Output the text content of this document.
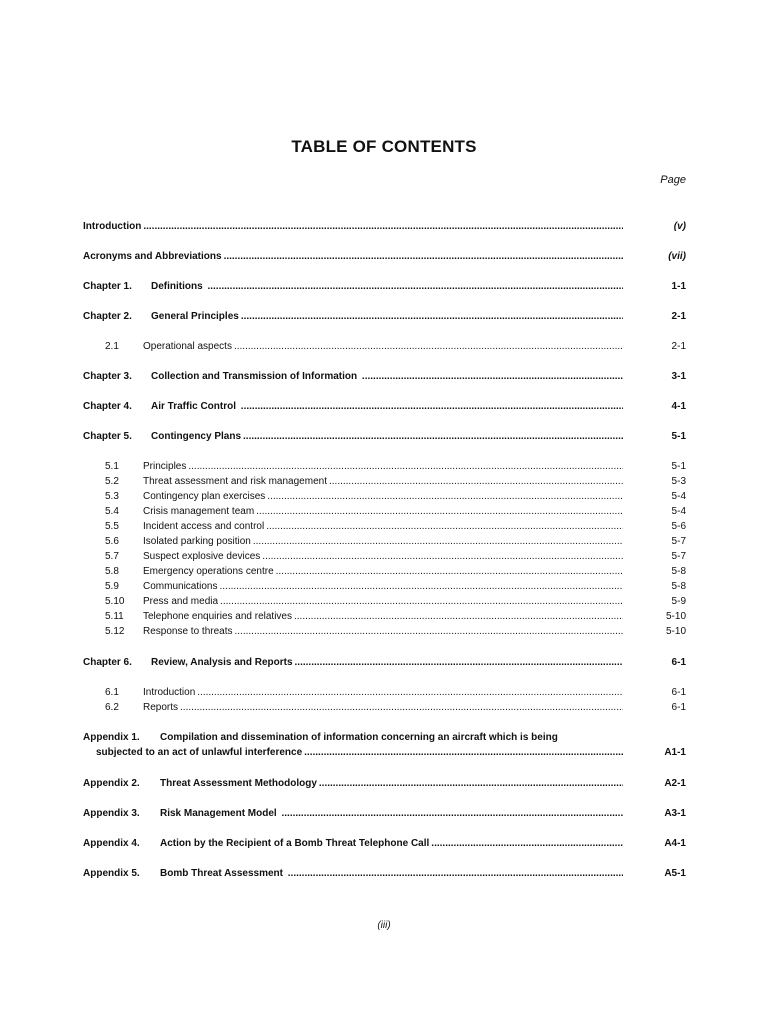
TABLE OF CONTENTS
Page
Introduction .....	(v)
Acronyms and Abbreviations .....	(vii)
Chapter 1. Definitions .....	1-1
Chapter 2. General Principles .....	2-1
2.1 Operational aspects .....	2-1
Chapter 3. Collection and Transmission of Information .....	3-1
Chapter 4. Air Traffic Control .....	4-1
Chapter 5. Contingency Plans .....	5-1
5.1 Principles .....	5-1
5.2 Threat assessment and risk management .....	5-3
5.3 Contingency plan exercises .....	5-4
5.4 Crisis management team .....	5-4
5.5 Incident access and control .....	5-6
5.6 Isolated parking position .....	5-7
5.7 Suspect explosive devices .....	5-7
5.8 Emergency operations centre .....	5-8
5.9 Communications .....	5-8
5.10 Press and media .....	5-9
5.11 Telephone enquiries and relatives .....	5-10
5.12 Response to threats .....	5-10
Chapter 6. Review, Analysis and Reports .....	6-1
6.1 Introduction .....	6-1
6.2 Reports .....	6-1
Appendix 1. Compilation and dissemination of information concerning an aircraft which is being
subjected to an act of unlawful interference .....	A1-1
Appendix 2. Threat Assessment Methodology .....	A2-1
Appendix 3. Risk Management Model .....	A3-1
Appendix 4. Action by the Recipient of a Bomb Threat Telephone Call .....	A4-1
Appendix 5. Bomb Threat Assessment .....	A5-1
(iii)
